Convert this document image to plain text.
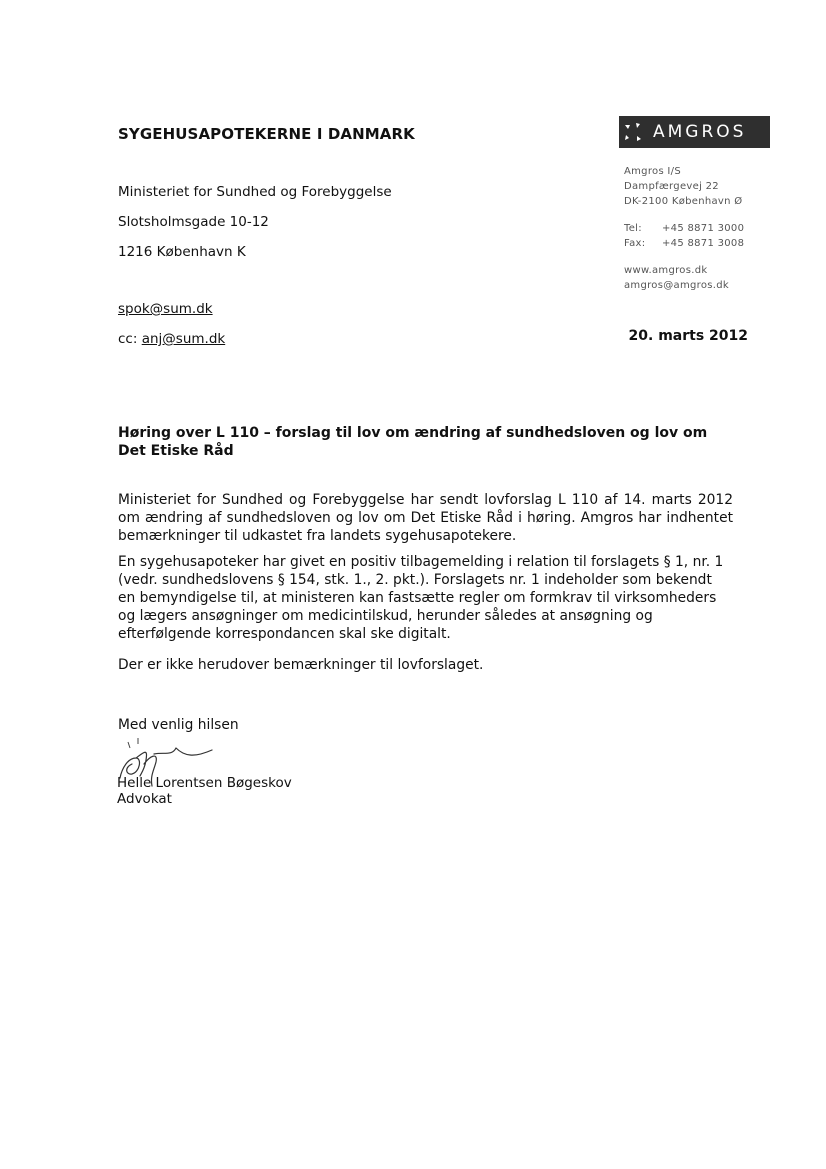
SYGEHUSAPOTEKERNE I DANMARK	AMGROS
Amgros I/S
Dampfærgevej 22
DK-2100 København Ø
Tel:	+45 8871 3000
Fax:	+45 8871 3008
www.amgros.dk
amgros@amgros.dk
Ministeriet for Sundhed og Forebyggelse
Slotsholmsgade 10-12
1216 København K
spok@sum.dk
cc: anj@sum.dk	20. marts 2012
Høring over L 110 – forslag til lov om ændring af sundhedsloven og lov om Det Etiske Råd
Ministeriet for Sundhed og Forebyggelse har sendt lovforslag L 110 af 14. marts 2012 om ændring af sundhedsloven og lov om Det Etiske Råd i høring. Amgros har indhentet bemærkninger til udkastet fra landets sygehusapotekere.
En sygehusapoteker har givet en positiv tilbagemelding i relation til forslagets § 1, nr. 1 (vedr. sundhedslovens § 154, stk. 1., 2. pkt.). Forslagets nr. 1 indeholder som bekendt en bemyndigelse til, at ministeren kan fastsætte regler om formkrav til virksomheders og lægers ansøgninger om medicintilskud, herunder således at ansøgning og efterfølgende korrespondancen skal ske digitalt.
Der er ikke herudover bemærkninger til lovforslaget.
Med venlig hilsen
Helle Lorentsen Bøgeskov
Advokat
